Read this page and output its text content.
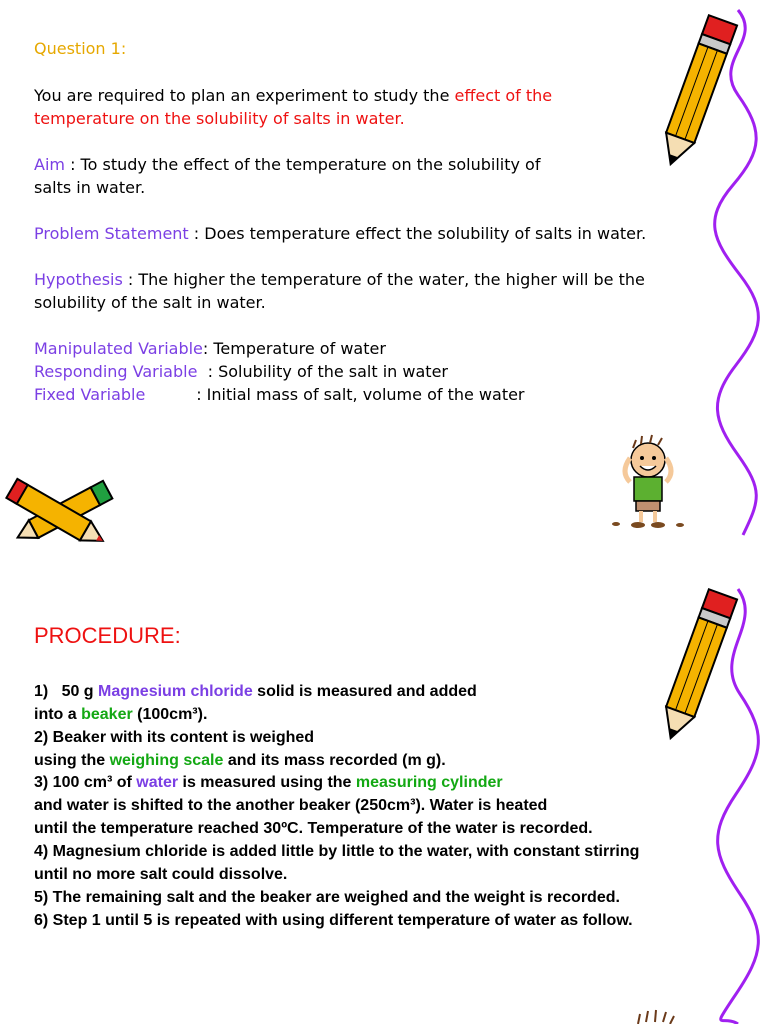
Question 1:
You are required to plan an experiment to study the effect of the
temperature on the solubility of salts in water.
Aim : To study the effect of the temperature on the solubility of
salts in water.
Problem Statement : Does temperature effect the solubility of salts in water.
Hypothesis : The higher the temperature of the water, the higher will be the
solubility of the salt in water.
Manipulated Variable: Temperature of water
Responding Variable  : Solubility of the salt in water
Fixed Variable          : Initial mass of salt, volume of the water
PROCEDURE:
1)   50 g Magnesium chloride solid is measured and added
into a beaker (100cm³).
2) Beaker with its content is weighed
using the weighing scale and its mass recorded (m g).
3) 100 cm³ of water is measured using the measuring cylinder
and water is shifted to the another beaker (250cm³). Water is heated
until the temperature reached 30ºC. Temperature of the water is recorded.
4) Magnesium chloride is added little by little to the water, with constant stirring
until no more salt could dissolve.
5) The remaining salt and the beaker are weighed and the weight is recorded.
6) Step 1 until 5 is repeated with using different temperature of water as follow.
